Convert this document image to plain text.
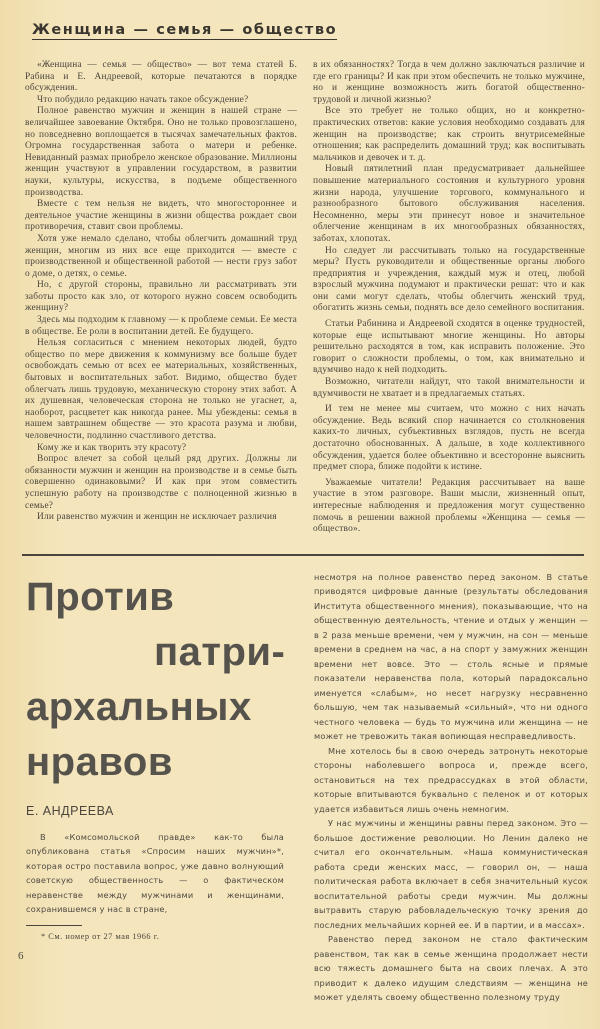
Женщина — семья — общество

«Женщина — семья — общество» — вот тема статей Б. Рабина и Е. Андреевой, которые печатаются в порядке обсуждения.

Что побудило редакцию начать такое обсуждение?

Полное равенство мужчин и женщин в нашей стране — величайшее завоевание Октября. Оно не только провозглашено, но повседневно воплощается в тысячах замечательных фактов. Огромна государственная забота о матери и ребенке. Невиданный размах приобрело женское образование. Миллионы женщин участвуют в управлении государством, в развитии науки, культуры, искусства, в подъеме общественного производства.

Вместе с тем нельзя не видеть, что многостороннее и деятельное участие женщины в жизни общества рождает свои противоречия, ставит свои проблемы.

Хотя уже немало сделано, чтобы облегчить домашний труд женщин, многим из них все еще приходится — вместе с производственной и общественной работой — нести груз забот о доме, о детях, о семье.

Но, с другой стороны, правильно ли рассматривать эти заботы просто как зло, от которого нужно совсем освободить женщину?

Здесь мы подходим к главному — к проблеме семьи. Ее места в обществе. Ее роли в воспитании детей. Ее будущего.

Нельзя согласиться с мнением некоторых людей, будто общество по мере движения к коммунизму все больше будет освобождать семью от всех ее материальных, хозяйственных, бытовых и воспитательных забот. Видимо, общество будет облегчать лишь трудовую, механическую сторону этих забот. А их душевная, человеческая сторона не только не угаснет, а, наоборот, расцветет как никогда ранее. Мы убеждены: семья в нашем завтрашнем обществе — это красота разума и любви, человечности, подлинно счастливого детства.

Кому же и как творить эту красоту?

Вопрос влечет за собой целый ряд других. Должны ли обязанности мужчин и женщин на производстве и в семье быть совершенно одинаковыми? И как при этом совместить успешную работу на производстве с полноценной жизнью в семье?

Или равенство мужчин и женщин не исключает различия

в их обязанностях? Тогда в чем должно заключаться различие и где его границы? И как при этом обеспечить не только мужчине, но и женщине возможность жить богатой общественно-трудовой и личной жизнью?

Все это требует не только общих, но и конкретно-практических ответов: какие условия необходимо создавать для женщин на производстве; как строить внутрисемейные отношения; как распределить домашний труд; как воспитывать мальчиков и девочек и т. д.

Новый пятилетний план предусматривает дальнейшее повышение материального состояния и культурного уровня жизни народа, улучшение торгового, коммунального и разнообразного бытового обслуживания населения. Несомненно, меры эти принесут новое и значительное облегчение женщинам в их многообразных обязанностях, заботах, хлопотах.

Но следует ли рассчитывать только на государственные меры? Пусть руководители и общественные органы любого предприятия и учреждения, каждый муж и отец, любой взрослый мужчина подумают и практически решат: что и как они сами могут сделать, чтобы облегчить женский труд, обогатить жизнь семьи, поднять все дело семейного воспитания.

Статьи Рабинина и Андреевой сходятся в оценке трудностей, которые еще испытывают многие женщины. Но авторы решительно расходятся в том, как исправить положение. Это говорит о сложности проблемы, о том, как внимательно и вдумчиво надо к ней подходить.

Возможно, читатели найдут, что такой внимательности и вдумчивости не хватает и в предлагаемых статьях.

И тем не менее мы считаем, что можно с них начать обсуждение. Ведь всякий спор начинается со столкновения каких-то личных, субъективных взглядов, пусть не всегда достаточно обоснованных. А дальше, в ходе коллективного обсуждения, удается более объективно и всесторонне выяснить предмет спора, ближе подойти к истине.

Уважаемые читатели! Редакция рассчитывает на ваше участие в этом разговоре. Ваши мысли, жизненный опыт, интересные наблюдения и предложения могут существенно помочь в решении важной проблемы «Женщина — семья — общество».

Против
патри-
архальных
нравов
Е. АНДРЕЕВА

В «Комсомольской правде» как-то была опубликована статья «Спросим наших мужчин»*, которая остро поставила вопрос, уже давно волнующий советскую общественность — о фактическом неравенстве между мужчинами и женщинами, сохранившемся у нас в стране,

* См. номер от 27 мая 1966 г.
6

несмотря на полное равенство перед законом. В статье приводятся цифровые данные (результаты обследования Института общественного мнения), показывающие, что на общественную деятельность, чтение и отдых у женщин — в 2 раза меньше времени, чем у мужчин, на сон — меньше времени в среднем на час, а на спорт у замужних женщин времени нет вовсе. Это — столь ясные и прямые показатели неравенства пола, который парадоксально именуется «слабым», но несет нагрузку несравненно большую, чем так называемый «сильный», что ни одного честного человека — будь то мужчина или женщина — не может не тревожить такая вопиющая несправедливость.

Мне хотелось бы в свою очередь затронуть некоторые стороны наболевшего вопроса и, прежде всего, остановиться на тех предрассудках в этой области, которые впитываются буквально с пеленок и от которых удается избавиться лишь очень немногим.

У нас мужчины и женщины равны перед законом. Это — большое достижение революции. Но Ленин далеко не считал его окончательным. «Наша коммунистическая работа среди женских масс, — говорил он, — наша политическая работа включает в себя значительный кусок воспитательной работы среди мужчин. Мы должны вытравить старую рабовладельческую точку зрения до последних мельчайших корней ее. И в партии, и в массах».

Равенство перед законом не стало фактическим равенством, так как в семье женщина продолжает нести всю тяжесть домашнего быта на своих плечах. А это приводит к далеко идущим следствиям — женщина не может уделять своему общественно полезному труду
